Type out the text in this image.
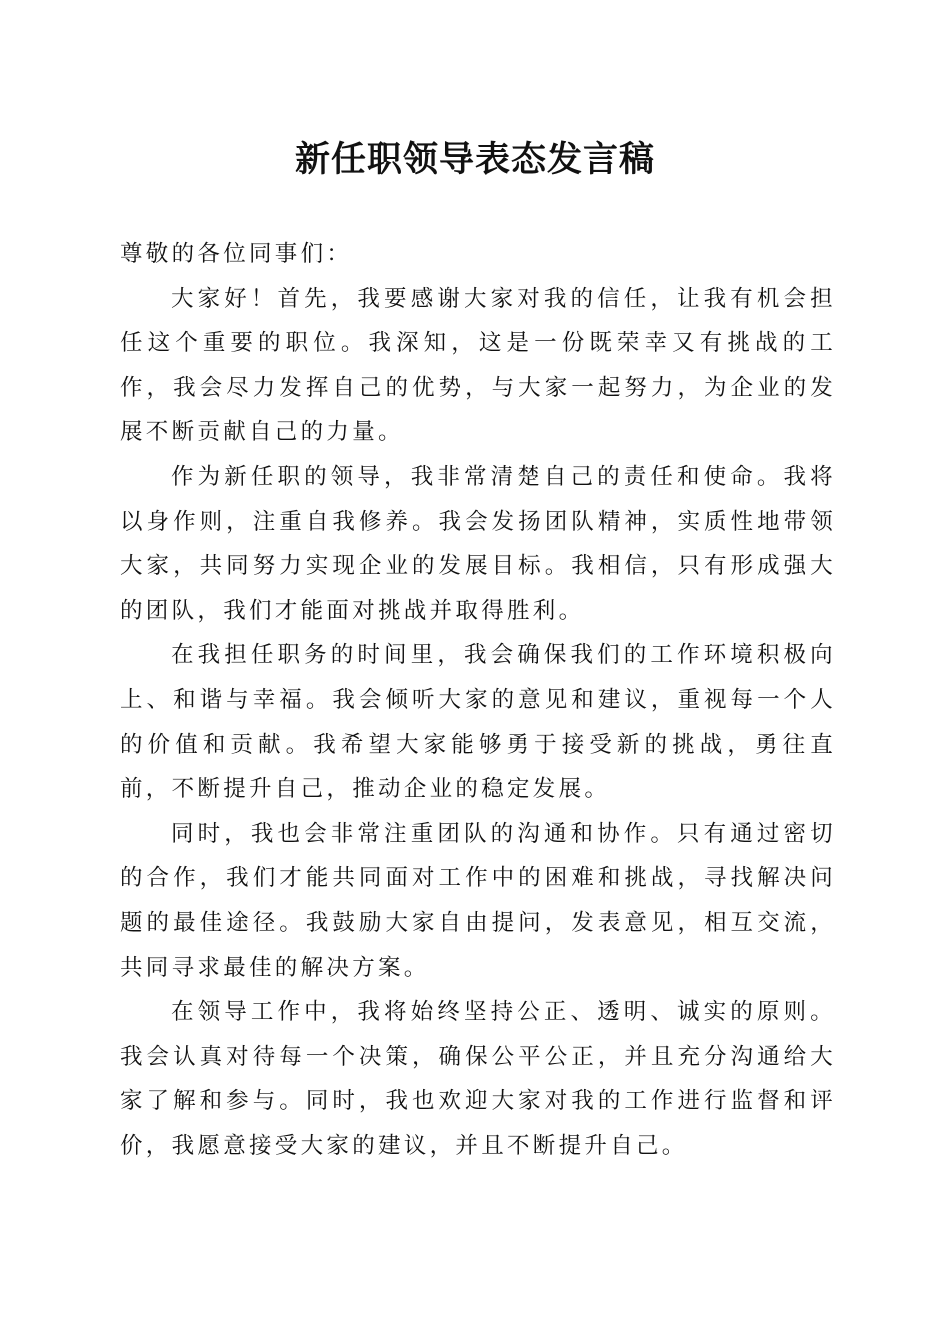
新任职领导表态发言稿

尊敬的各位同事们：

大家好！首先，我要感谢大家对我的信任，让我有机会担任这个重要的职位。我深知，这是一份既荣幸又有挑战的工作，我会尽力发挥自己的优势，与大家一起努力，为企业的发展不断贡献自己的力量。

作为新任职的领导，我非常清楚自己的责任和使命。我将以身作则，注重自我修养。我会发扬团队精神，实质性地带领大家，共同努力实现企业的发展目标。我相信，只有形成强大的团队，我们才能面对挑战并取得胜利。

在我担任职务的时间里，我会确保我们的工作环境积极向上、和谐与幸福。我会倾听大家的意见和建议，重视每一个人的价值和贡献。我希望大家能够勇于接受新的挑战，勇往直前，不断提升自己，推动企业的稳定发展。

同时，我也会非常注重团队的沟通和协作。只有通过密切的合作，我们才能共同面对工作中的困难和挑战，寻找解决问题的最佳途径。我鼓励大家自由提问，发表意见，相互交流，共同寻求最佳的解决方案。

在领导工作中，我将始终坚持公正、透明、诚实的原则。我会认真对待每一个决策，确保公平公正，并且充分沟通给大家了解和参与。同时，我也欢迎大家对我的工作进行监督和评价，我愿意接受大家的建议，并且不断提升自己。
